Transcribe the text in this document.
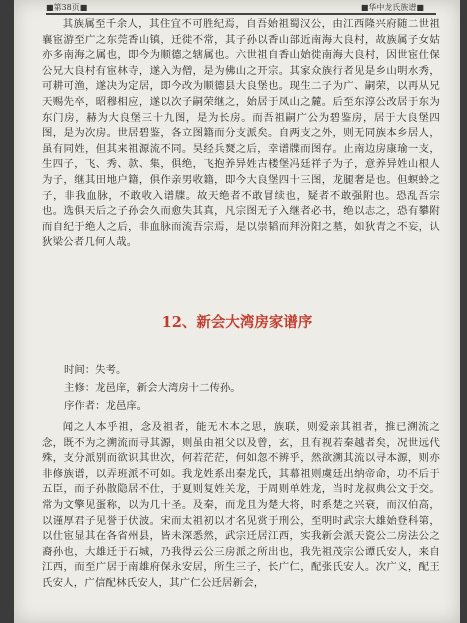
■第38页■	■华中龙氏族谱■

其族属至千余人，其住宜不可胜纪焉，自吾始祖蜀汉公，由江西隆兴府随二世祖襄宦游至广之东莞香山镇，迁徙不常，其子孙以香山部近南海大良村，故族属子女姑亦多南海之属也，即今为顺德之辖属也。六世祖自香山始徙南海大良村，因世宦仕保公兄大良村有宦林寺，遂入为僧，是为佛山之开宗。其家众族行者见是乡山明水秀，可耕可渔，遂决为定居，即今改为顺德县大良堡也。现生二子为广、嗣荣，以再从兄天赐先卒，昭穆相应，遂以次子嗣荣继之，始居于凤山之麓。后至东淳公改居于东为东门房，赫为大良堡三十九图，是为长房。而吾祖嗣广公为碧鉴房，居于大良堡四图，是为次房。世居碧鉴，各立图籍而分支派矣。自两支之外，则无同族本乡居人，虽有同姓，但其来祖源流不同。昊经兵燹之后，幸谱牒而图存。止南边房康瑜一支，生四子，飞、秀、款、集，俱绝，飞抱养异姓古楼堡冯廷祥子为子，意养异姓山根人为子，继其田地户籍，俱作亲男收籍，即今大良堡四十三图，龙腿奢是也。但螟蛉之子，非我血脉，不敢收入谱牒。故天绝者不敢冒续也，疑者不敢强附也。恐乱吾宗也。选俱天后之子孙会久而愈失其真，凡宗图无子入继者必书，绝以志之，恐有攀附而自纪于绝人之后，非血脉而流吾宗焉，是以崇韬而拜汾阳之墓，如狄青之不妄，认狄梁公者几何人哉。

12、新会大湾房家谱序
时间：失考。
主修：龙邑庠，新会大湾房十二传孙。
序作者：龙邑庠。

闻之人本乎祖，念及祖者，能无木本之思，族联，则爱亲其祖者，推已溯流之念，既不为之溯流而寻其源，则虽由祖父以及曾，玄，且有视若秦越者矣，况世远代殊，支分派别而欲识其世次，何若茫茫，何如忽不辨乎，然欲溯其流以寻本源，则亦非修族谱，以弄班派不可如。我龙姓系出秦龙氏，其幕祖则虞廷出纳帝命，功不后于五臣，而子孙散隐居不仕，于夏则复姓关龙，于周则单姓龙，当时龙叔典公文于交。常为文擎见蛋称，以为几十圣。及秦，而龙且为楚大将，时系楚之兴衰，而汉伯高，以谨厚君子见誉于伏波。宋而太祖初以才名见赏于刑公，至明时武宗大雄始登科第，以仕宦显其在各省州县，皆未深悉然，武宗迁居江西，实我新会派天瓷公二房法公之裔孙也，大雄迁于石城，乃我得云公三房派之所出也，我先祖茂宗公谭氏安人，来自江西，而至广居于南雄府保永安居，所生三子，长广仁，配张氏安人。次广义，配王氏安人，广信配林氏安人，其广仁公迁居新会，
